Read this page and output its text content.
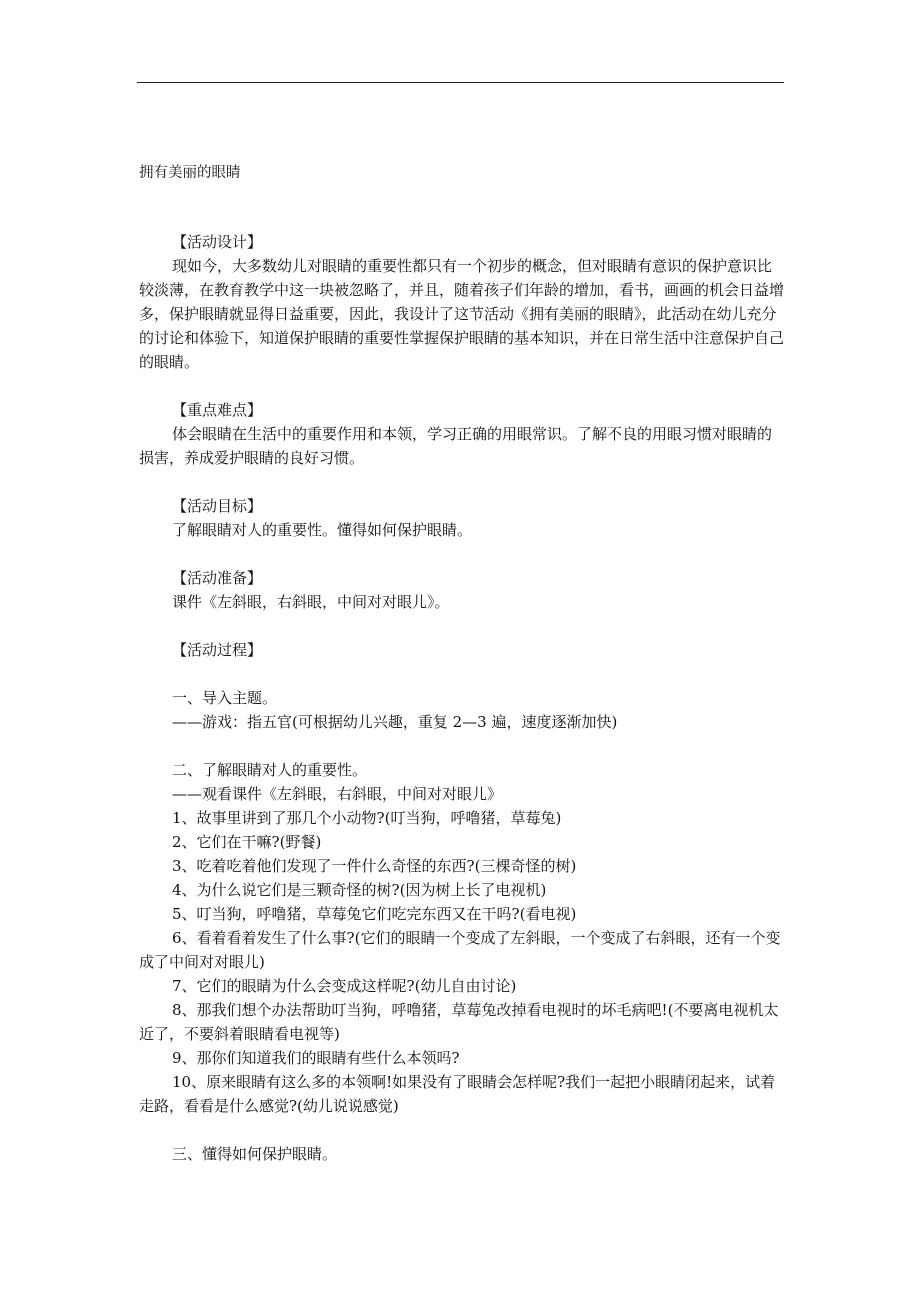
拥有美丽的眼睛

【活动设计】

现如今，大多数幼儿对眼睛的重要性都只有一个初步的概念，但对眼睛有意识的保护意识比较淡薄，在教育教学中这一块被忽略了，并且，随着孩子们年龄的增加，看书，画画的机会日益增多，保护眼睛就显得日益重要，因此，我设计了这节活动《拥有美丽的眼睛》，此活动在幼儿充分的讨论和体验下，知道保护眼睛的重要性掌握保护眼睛的基本知识，并在日常生活中注意保护自己的眼睛。

【重点难点】

体会眼睛在生活中的重要作用和本领，学习正确的用眼常识。了解不良的用眼习惯对眼睛的损害，养成爱护眼睛的良好习惯。

【活动目标】

了解眼睛对人的重要性。懂得如何保护眼睛。

【活动准备】

课件《左斜眼，右斜眼，中间对对眼儿》。

【活动过程】

一、导入主题。

——游戏：指五官(可根据幼儿兴趣，重复 2—3 遍，速度逐渐加快)

二、了解眼睛对人的重要性。

——观看课件《左斜眼，右斜眼，中间对对眼儿》

1、故事里讲到了那几个小动物?(叮当狗，呼噜猪，草莓兔)

2、它们在干嘛?(野餐)

3、吃着吃着他们发现了一件什么奇怪的东西?(三棵奇怪的树)

4、为什么说它们是三颗奇怪的树?(因为树上长了电视机)

5、叮当狗，呼噜猪，草莓兔它们吃完东西又在干吗?(看电视)

6、看着看着发生了什么事?(它们的眼睛一个变成了左斜眼，一个变成了右斜眼，还有一个变成了中间对对眼儿)

7、它们的眼睛为什么会变成这样呢?(幼儿自由讨论)

8、那我们想个办法帮助叮当狗，呼噜猪，草莓兔改掉看电视时的坏毛病吧!(不要离电视机太近了，不要斜着眼睛看电视等)

9、那你们知道我们的眼睛有些什么本领吗?

10、原来眼睛有这么多的本领啊!如果没有了眼睛会怎样呢?我们一起把小眼睛闭起来，试着走路，看看是什么感觉?(幼儿说说感觉)

三、懂得如何保护眼睛。
